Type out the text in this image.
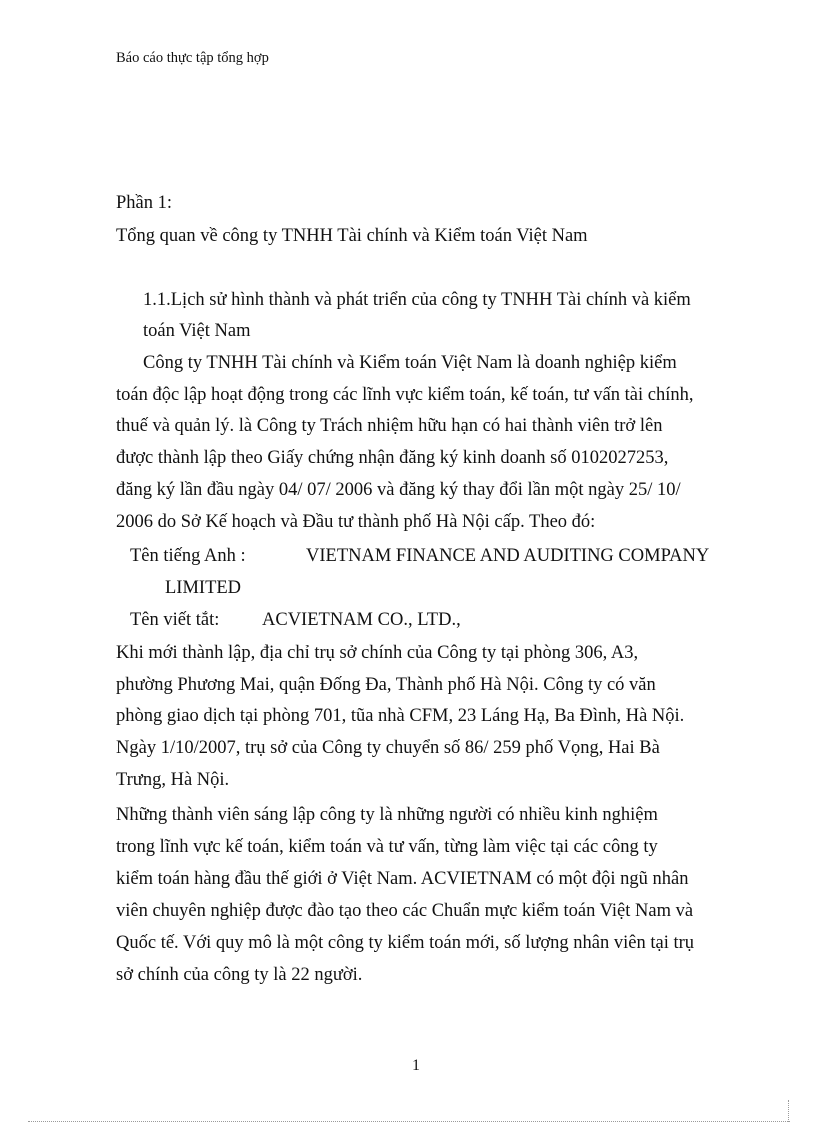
Báo cáo thực tập tổng hợp
Phần 1:
Tổng quan về công ty TNHH Tài chính và Kiểm toán Việt Nam
1.1.Lịch sử hình thành và phát triển của công ty TNHH Tài chính và kiểm
toán Việt Nam
Công ty TNHH Tài chính và Kiểm toán Việt Nam là doanh nghiệp kiểm
toán độc lập hoạt động trong các lĩnh vực kiểm toán, kế toán, tư vấn tài chính,
thuế và quản lý. là Công ty Trách nhiệm hữu hạn có hai thành viên trở lên
được thành lập theo Giấy chứng nhận đăng ký kinh doanh số 0102027253,
đăng ký lần đầu ngày 04/ 07/ 2006 và đăng ký thay đổi lần một ngày 25/ 10/
2006 do Sở Kế hoạch và Đầu tư thành phố Hà Nội cấp. Theo đó:
Tên tiếng Anh :	VIETNAM FINANCE AND AUDITING COMPANY
LIMITED
Tên viết tắt: ACVIETNAM CO., LTD.,
Khi mới thành lập, địa chỉ trụ sở chính của Công ty tại phòng 306, A3,
phường Phương Mai, quận Đống Đa, Thành phố Hà Nội. Công ty có văn
phòng giao dịch tại phòng 701, tũa nhà CFM, 23 Láng Hạ, Ba Đình, Hà Nội.
Ngày 1/10/2007, trụ sở của Công ty chuyển số 86/ 259 phố Vọng, Hai Bà
Trưng, Hà Nội.
Những thành viên sáng lập công ty là những người có nhiều kinh nghiệm
trong lĩnh vực kế toán, kiểm toán và tư vấn, từng làm việc tại các công ty
kiểm toán hàng đầu thế giới ở Việt Nam. ACVIETNAM có một đội ngũ nhân
viên chuyên nghiệp được đào tạo theo các Chuẩn mực kiểm toán Việt Nam và
Quốc tế. Với quy mô là một công ty kiểm toán mới, số lượng nhân viên tại trụ
sở chính của công ty là 22 người.
1
